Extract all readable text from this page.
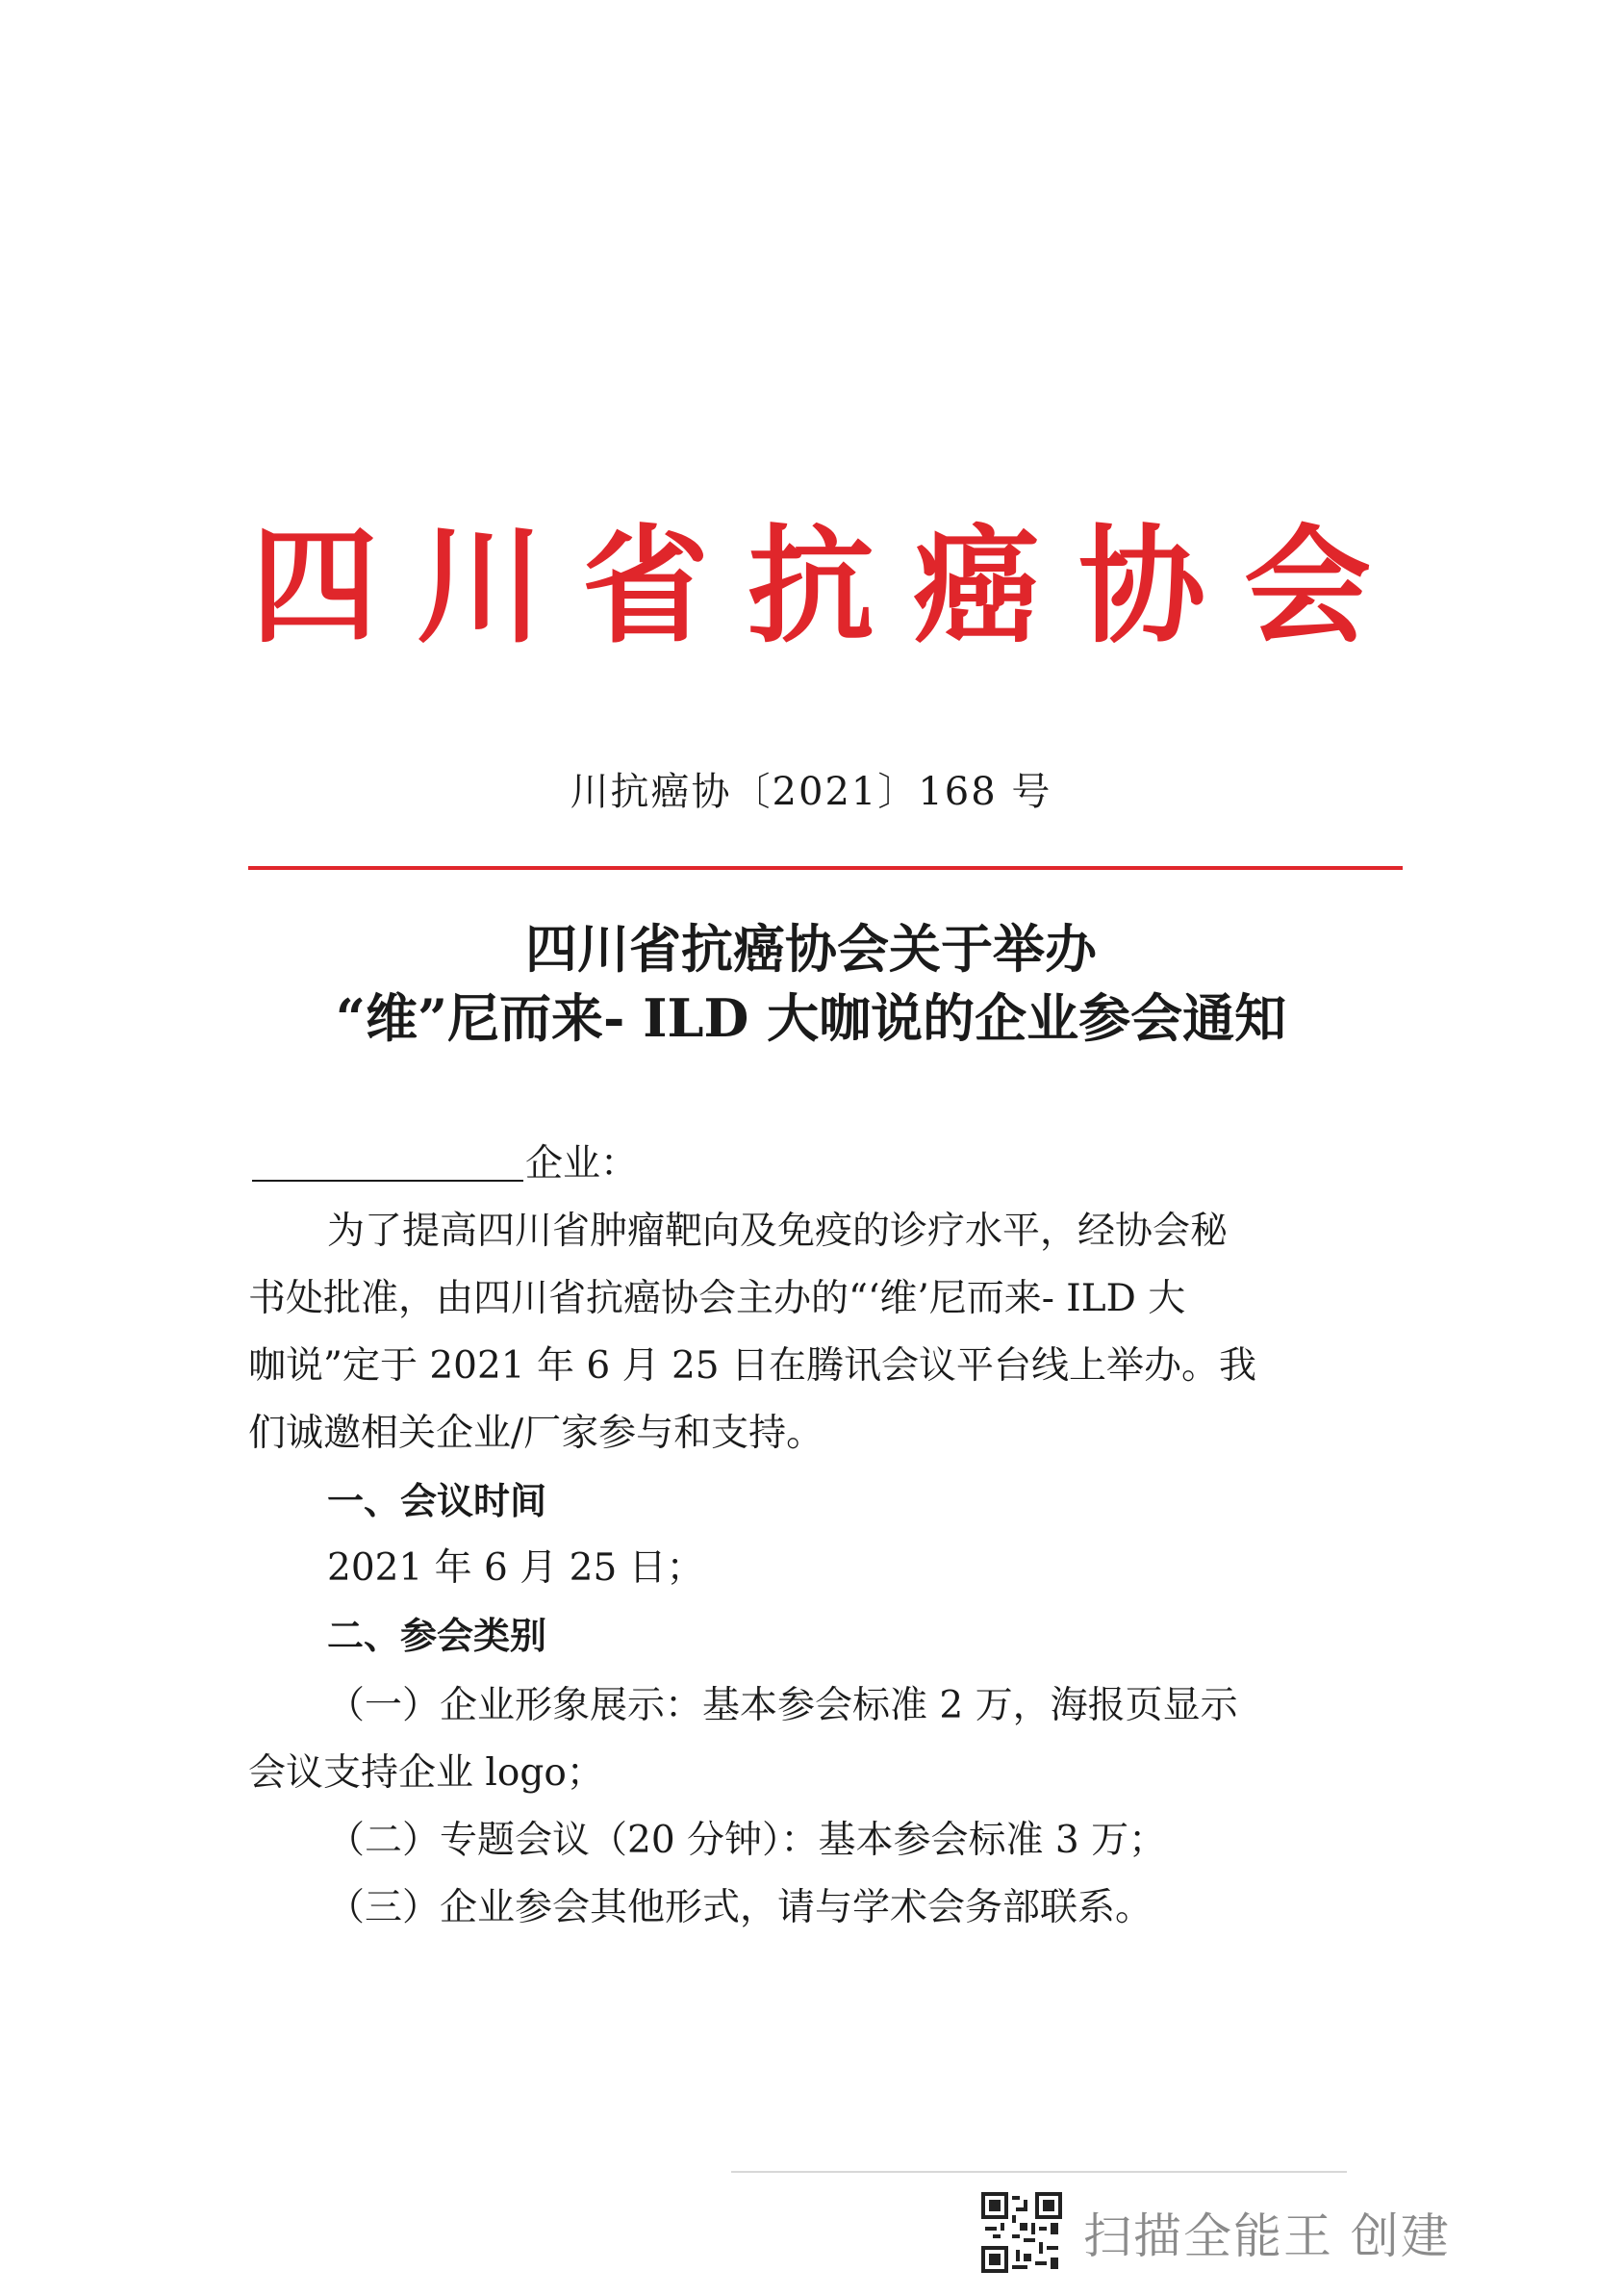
四川省抗癌协会
川抗癌协〔2021〕168 号
四川省抗癌协会关于举办
“维”尼而来- ILD 大咖说的企业参会通知
企业：
为了提高四川省肿瘤靶向及免疫的诊疗水平，经协会秘
书处批准，由四川省抗癌协会主办的“‘维’尼而来- ILD 大
咖说”定于 2021 年 6 月 25 日在腾讯会议平台线上举办。我
们诚邀相关企业/厂家参与和支持。
一、会议时间
2021 年 6 月 25 日；
二、参会类别
（一）企业形象展示：基本参会标准 2 万，海报页显示
会议支持企业 logo；
（二）专题会议（20 分钟）：基本参会标准 3 万；
（三）企业参会其他形式，请与学术会务部联系。
扫描全能王 创建
